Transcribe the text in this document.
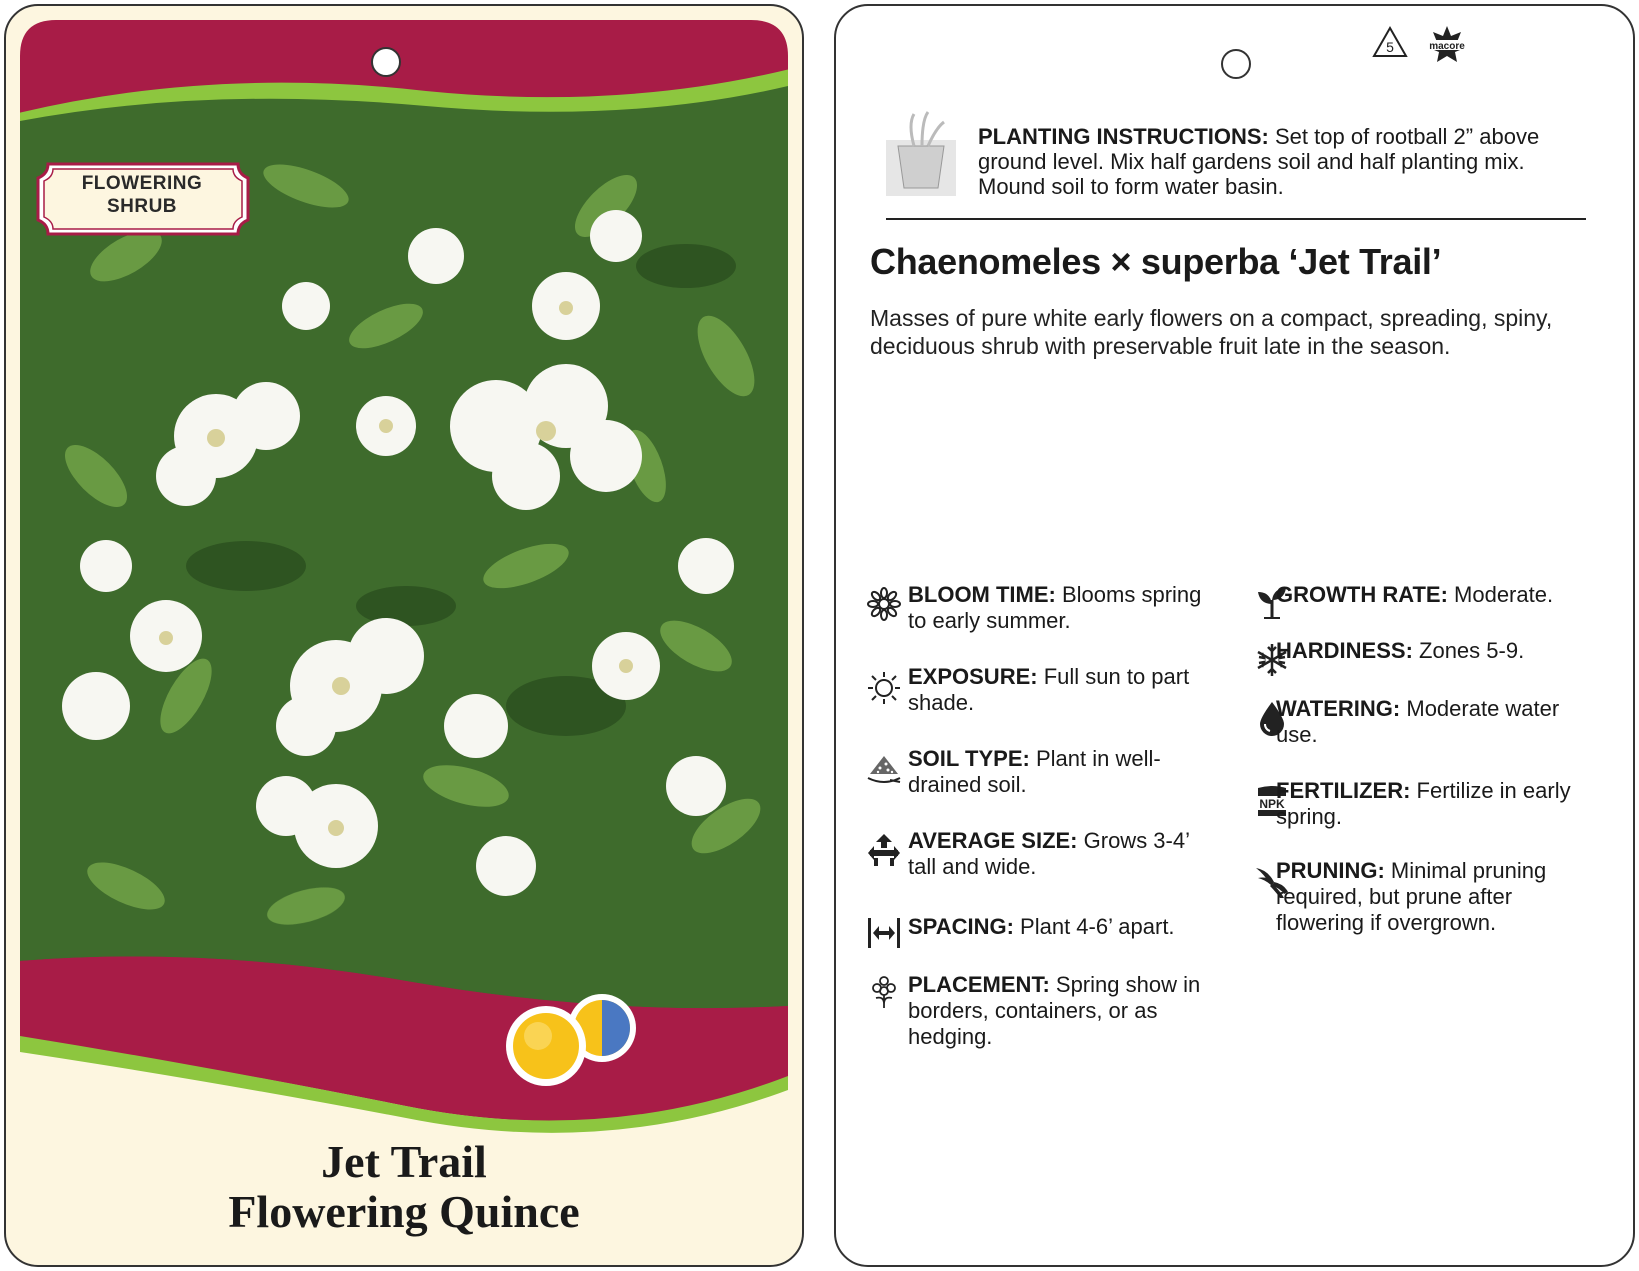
FLOWERING
SHRUB
Jet Trail
Flowering Quince
5	macore
PLANTING INSTRUCTIONS: Set top of rootball 2” above ground level. Mix half gardens soil and half planting mix. Mound soil to form water basin.
Chaenomeles × superba ‘Jet Trail’
Masses of pure white early flowers on a compact, spreading, spiny, deciduous shrub with preservable fruit late in the season.
BLOOM TIME: Blooms spring to early summer.
EXPOSURE: Full sun to part shade.
SOIL TYPE: Plant in well-drained soil.
AVERAGE SIZE: Grows 3-4’ tall and wide.
SPACING: Plant 4-6’ apart.
PLACEMENT: Spring show in borders, containers, or as hedging.
GROWTH RATE: Moderate.
HARDINESS: Zones 5-9.
WATERING: Moderate water use.
NPK
FERTILIZER: Fertilize in early spring.
PRUNING: Minimal pruning required, but prune after flowering if overgrown.
